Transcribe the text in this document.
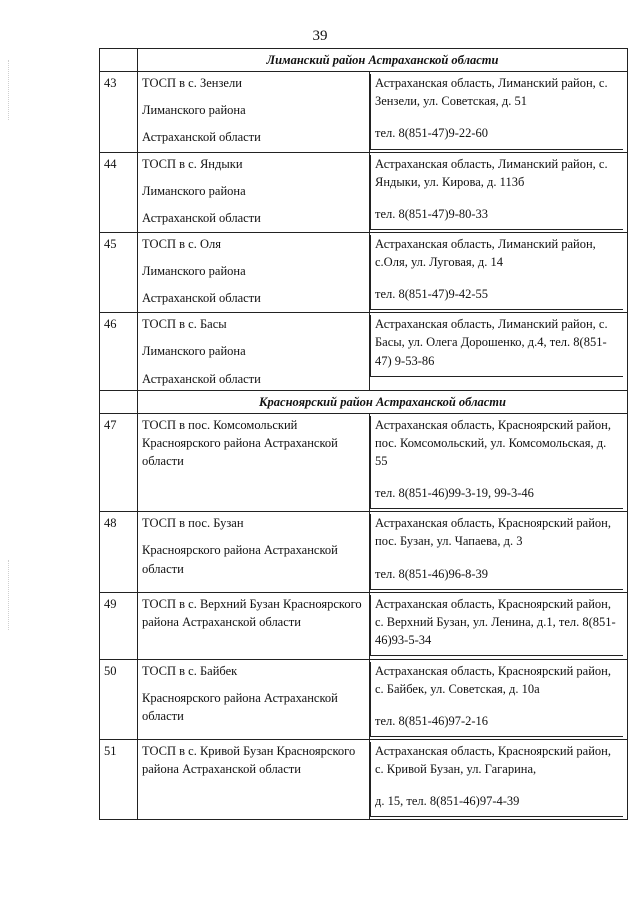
39
	Лиманский район Астраханской области	
43	ТОСП в с. Зензели
Лиманского района
Астраханской области	Астраханская область, Лиманский район, с. Зензели, ул. Советская, д. 51
тел. 8(851-47)9-22-60

44	ТОСП в с. Яндыки
Лиманского района
Астраханской области	Астраханская область, Лиманский район, с. Яндыки, ул. Кирова, д. 113б
тел. 8(851-47)9-80-33

45	ТОСП в с. Оля
Лиманского района
Астраханской области	Астраханская область, Лиманский район, с.Оля, ул. Луговая, д. 14
тел. 8(851-47)9-42-55

46	ТОСП в с. Басы
Лиманского района
Астраханской области	Астраханская область, Лиманский район, с. Басы, ул. Олега Дорошенко, д.4, тел. 8(851-47) 9-53-86

	Красноярский район Астраханской области	
47	ТОСП в пос. Комсомольский Красноярского района Астраханской области	Астраханская область, Красноярский район, пос. Комсомольский, ул. Комсомольская, д. 55
тел. 8(851-46)99-3-19, 99-3-46

48	ТОСП в пос. Бузан
Красноярского района Астраханской области	Астраханская область, Красноярский район, пос. Бузан, ул. Чапаева, д. 3
тел. 8(851-46)96-8-39

49	ТОСП в с. Верхний Бузан Красноярского района Астраханской области	Астраханская область, Красноярский район, с. Верхний Бузан, ул. Ленина, д.1, тел. 8(851-46)93-5-34

50	ТОСП в с. Байбек
Красноярского района Астраханской области	Астраханская область, Красноярский район, с. Байбек, ул. Советская, д. 10а
тел. 8(851-46)97-2-16

51	ТОСП в с. Кривой Бузан Красноярского района Астраханской области	Астраханская область, Красноярский район, с. Кривой Бузан, ул. Гагарина,
д. 15, тел. 8(851-46)97-4-39
